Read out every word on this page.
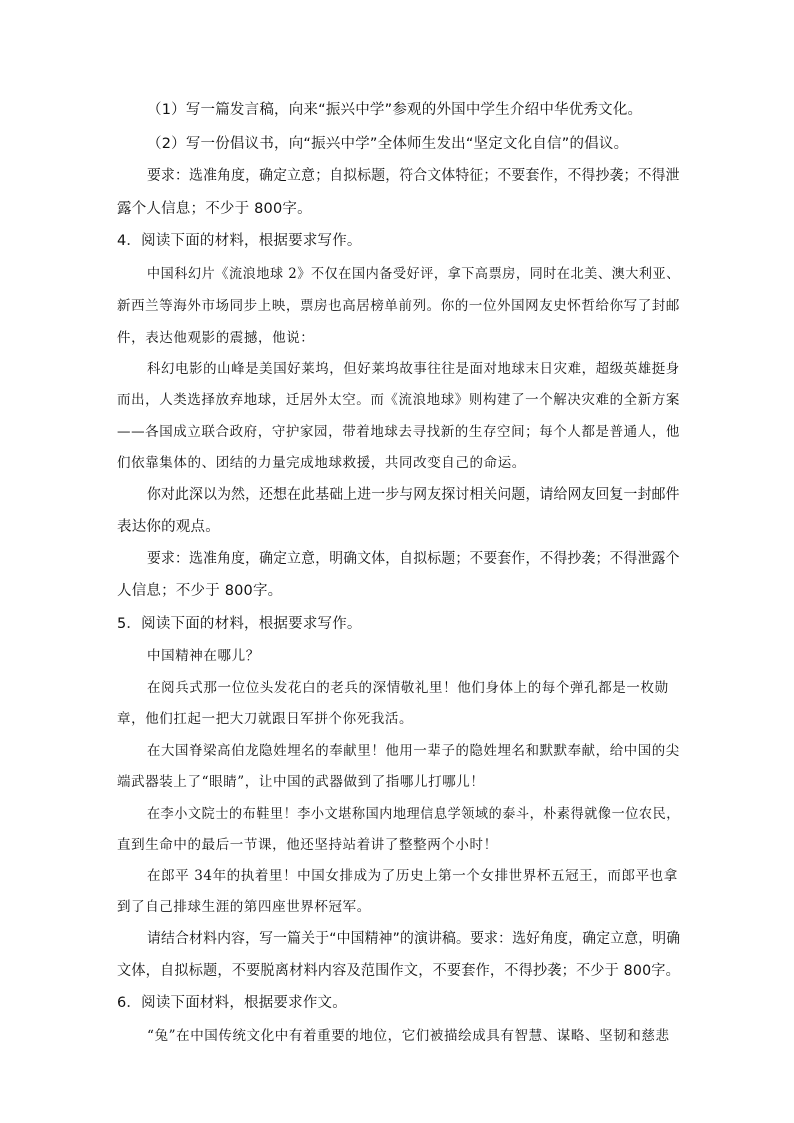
（1）写一篇发言稿，向来“振兴中学”参观的外国中学生介绍中华优秀文化。
（2）写一份倡议书，向“振兴中学”全体师生发出“坚定文化自信”的倡议。
要求：选准角度，确定立意；自拟标题，符合文体特征；不要套作，不得抄袭；不得泄
露个人信息；不少于 800字。
4．阅读下面的材料，根据要求写作。
中国科幻片《流浪地球 2》不仅在国内备受好评，拿下高票房，同时在北美、澳大利亚、
新西兰等海外市场同步上映，票房也高居榜单前列。你的一位外国网友史怀哲给你写了封邮
件，表达他观影的震撼，他说：
科幻电影的山峰是美国好莱坞，但好莱坞故事往往是面对地球末日灾难，超级英雄挺身
而出，人类选择放弃地球，迁居外太空。而《流浪地球》则构建了一个解决灾难的全新方案
——各国成立联合政府，守护家园，带着地球去寻找新的生存空间；每个人都是普通人，他
们依靠集体的、团结的力量完成地球救援，共同改变自己的命运。
你对此深以为然，还想在此基础上进一步与网友探讨相关问题，请给网友回复一封邮件
表达你的观点。
要求：选准角度，确定立意，明确文体，自拟标题；不要套作，不得抄袭；不得泄露个
人信息；不少于 800字。
5．阅读下面的材料，根据要求写作。
中国精神在哪儿？
在阅兵式那一位位头发花白的老兵的深情敬礼里！他们身体上的每个弹孔都是一枚勋
章，他们扛起一把大刀就跟日军拼个你死我活。
在大国脊梁高伯龙隐姓埋名的奉献里！他用一辈子的隐姓埋名和默默奉献，给中国的尖
端武器装上了“眼睛”，让中国的武器做到了指哪儿打哪儿！
在李小文院士的布鞋里！李小文堪称国内地理信息学领域的泰斗，朴素得就像一位农民，
直到生命中的最后一节课，他还坚持站着讲了整整两个小时！
在郎平 34年的执着里！中国女排成为了历史上第一个女排世界杯五冠王，而郎平也拿
到了自己排球生涯的第四座世界杯冠军。
请结合材料内容，写一篇关于“中国精神”的演讲稿。要求：选好角度，确定立意，明确
文体，自拟标题，不要脱离材料内容及范围作文，不要套作，不得抄袭；不少于 800字。
6．阅读下面材料，根据要求作文。
“兔”在中国传统文化中有着重要的地位，它们被描绘成具有智慧、谋略、坚韧和慈悲
